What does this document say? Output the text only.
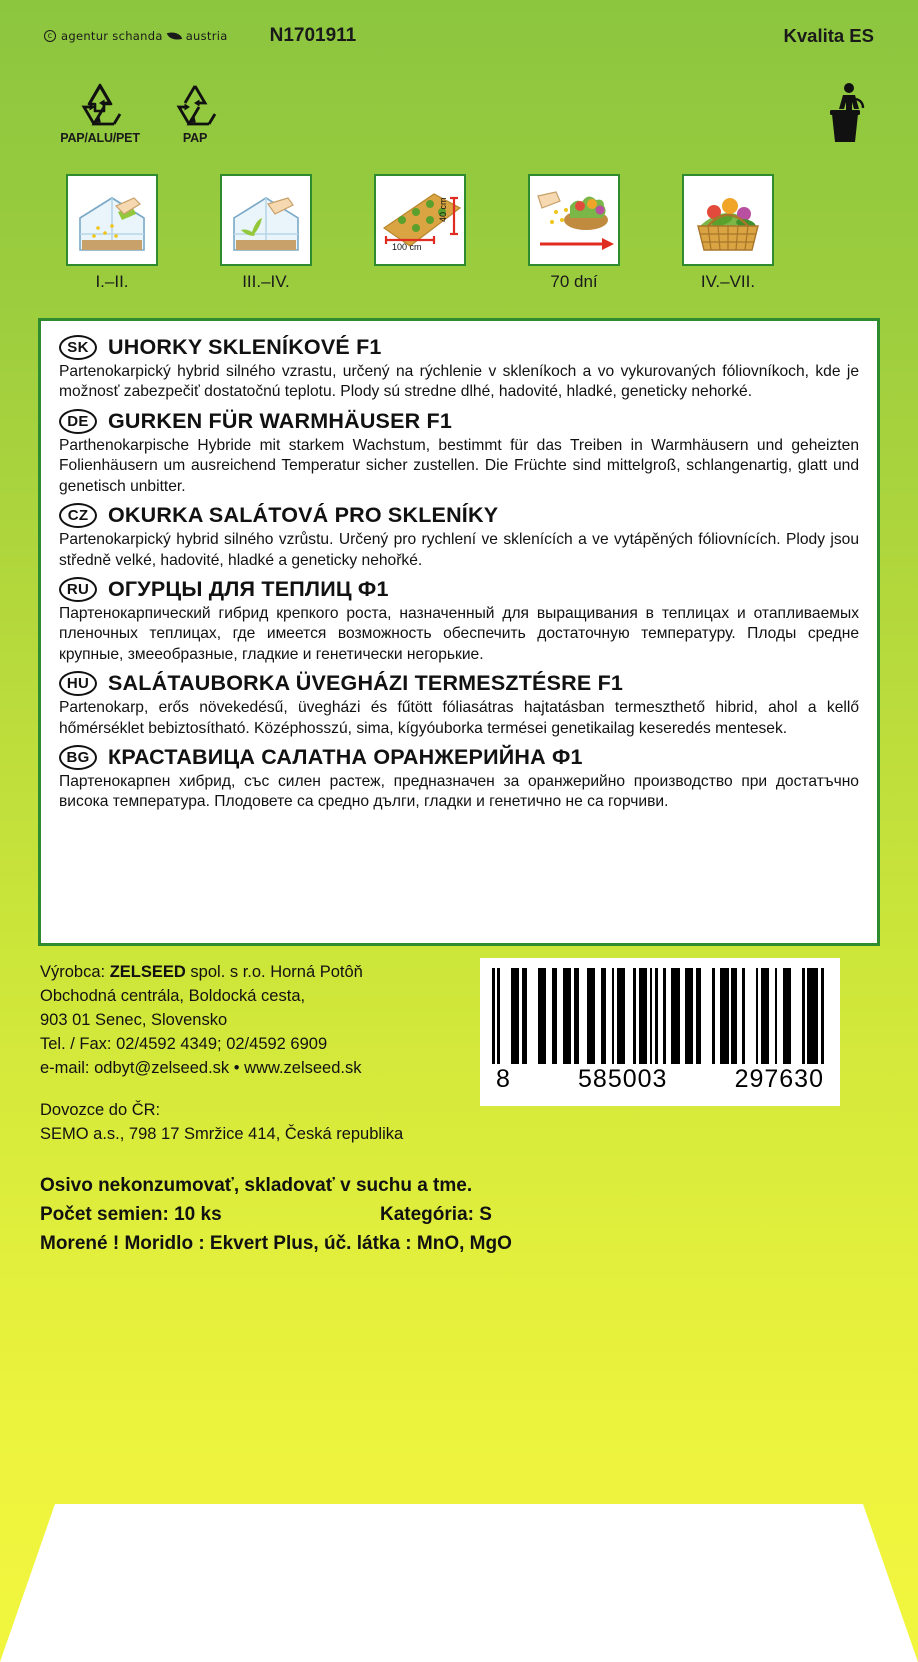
c agentur schanda austria N1701911	Kvalita ES
PAP/ALU/PET	PAP
I.–II.	III.–IV.
100 cm
40 cm
70 dní	IV.–VII.
SK UHORKY SKLENÍKOVÉ F1

Partenokarpický hybrid silného vzrastu, určený na rýchlenie v skleníkoch a vo vykurovaných fóliovníkoch, kde je možnosť zabezpečiť dostatočnú teplotu. Plody sú stredne dlhé, hadovité, hladké, geneticky nehorké.

DE GURKEN FÜR WARMHÄUSER F1

Parthenokarpische Hybride mit starkem Wachstum, bestimmt für das Treiben in Warmhäusern und geheizten Folienhäusern um ausreichend Temperatur sicher zustellen. Die Früchte sind mittelgroß, schlangenartig, glatt und genetisch unbitter.

CZ OKURKA SALÁTOVÁ PRO SKLENÍKY

Partenokarpický hybrid silného vzrůstu. Určený pro rychlení ve sklenících a ve vytápěných fóliovnících. Plody jsou středně velké, hadovité, hladké a geneticky nehořké.

RU ОГУРЦЫ ДЛЯ ТЕПЛИЦ Ф1

Партенокарпический гибрид крепкого роста, назначенный для выращивания в теплицах и отапливаемых пленочных теплицах, где имеется возможность обеспечить достаточную температуру. Плоды средне крупные, змееобразные, гладкие и генетически негорькие.

HU SALÁTAUBORKA ÜVEGHÁZI TERMESZTÉSRE F1

Partenokarp, erős növekedésű, üvegházi és fűtött fóliasátras hajtatásban termeszthető hibrid, ahol a kellő hőmérséklet bebiztosítható. Középhosszú, sima, kígyóuborka termései genetikailag keseredés mentesek.

BG КРАСТАВИЦА САЛАТНА ОРАНЖЕРИЙНА Ф1

Партенокарпен хибрид, със силен растеж, предназначен за оранжерийно производство при достатъчно висока температура. Плодовете са средно дълги, гладки и генетично не са горчиви.

Výrobca: ZELSEED spol. s r.o. Horná Potôň
Obchodná centrála, Boldocká cesta,
903 01 Senec, Slovensko
Tel. / Fax: 02/4592 4349; 02/4592 6909
e-mail: odbyt@zelseed.sk • www.zelseed.sk
Dovozce do ČR:
SEMO a.s., 798 17 Smržice 414, Česká republika
8	585003	297630
Osivo nekonzumovať, skladovať v suchu a tme.
Počet semien: 10 ks	Kategória: S
Morené ! Moridlo : Ekvert Plus, úč. látka : MnO, MgO
